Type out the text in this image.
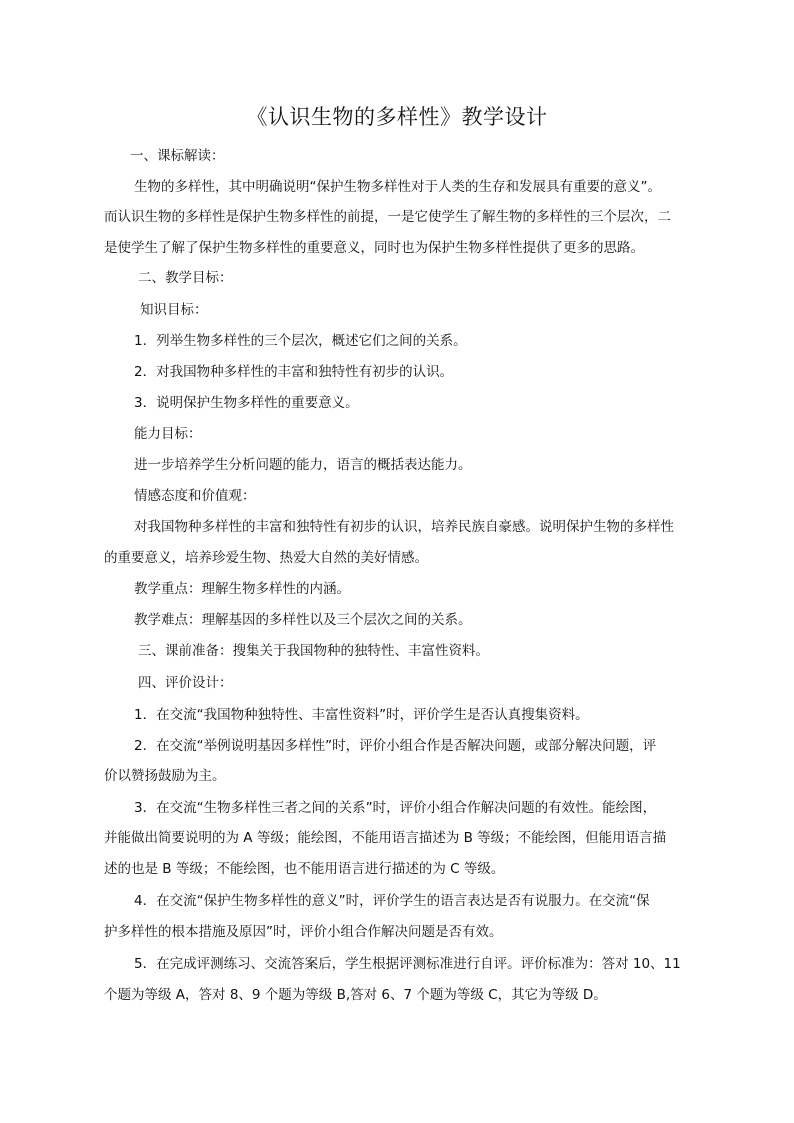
《认识生物的多样性》教学设计
一、课标解读：
生物的多样性，其中明确说明“保护生物多样性对于人类的生存和发展具有重要的意义”。
而认识生物的多样性是保护生物多样性的前提，一是它使学生了解生物的多样性的三个层次，二
是使学生了解了保护生物多样性的重要意义，同时也为保护生物多样性提供了更多的思路。
二、教学目标：
知识目标：
1．列举生物多样性的三个层次，概述它们之间的关系。
2．对我国物种多样性的丰富和独特性有初步的认识。
3．说明保护生物多样性的重要意义。
能力目标：
进一步培养学生分析问题的能力，语言的概括表达能力。
情感态度和价值观：
对我国物种多样性的丰富和独特性有初步的认识，培养民族自豪感。说明保护生物的多样性
的重要意义，培养珍爱生物、热爱大自然的美好情感。
教学重点：理解生物多样性的内涵。
教学难点：理解基因的多样性以及三个层次之间的关系。
三、课前准备：搜集关于我国物种的独特性、丰富性资料。
四、评价设计：
1．在交流“我国物种独特性、丰富性资料”时，评价学生是否认真搜集资料。
2．在交流“举例说明基因多样性”时，评价小组合作是否解决问题，或部分解决问题，评
价以赞扬鼓励为主。
3．在交流“生物多样性三者之间的关系”时，评价小组合作解决问题的有效性。能绘图，
并能做出简要说明的为 A 等级；能绘图，不能用语言描述为 B 等级；不能绘图，但能用语言描
述的也是 B 等级；不能绘图，也不能用语言进行描述的为 C 等级。
4．在交流“保护生物多样性的意义”时，评价学生的语言表达是否有说服力。在交流“保
护多样性的根本措施及原因”时，评价小组合作解决问题是否有效。
5．在完成评测练习、交流答案后，学生根据评测标准进行自评。评价标准为：答对 10、11
个题为等级 A，答对 8、9 个题为等级 B,答对 6、7 个题为等级 C，其它为等级 D。
